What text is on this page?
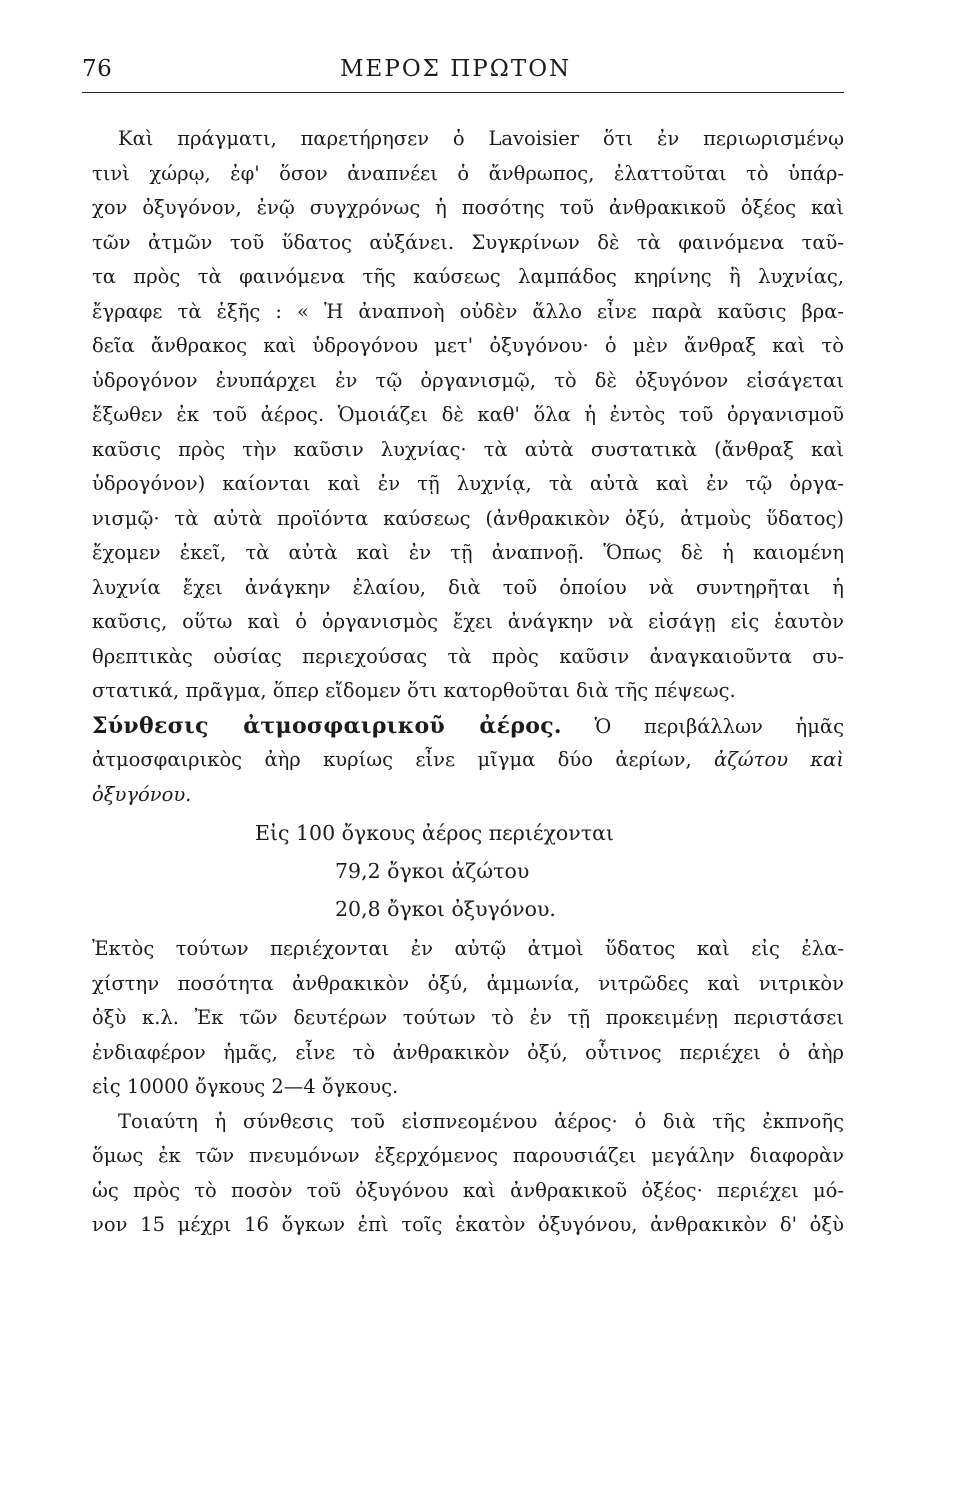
76	ΜΕΡΟΣ ΠΡΩΤΟΝ
Καὶ πράγματι, παρετήρησεν ὁ Lavoisier ὅτι ἐν περιωρισμένῳ
τινὶ χώρῳ, ἐφ' ὅσον ἀναπνέει ὁ ἄνθρωπος, ἐλαττοῦται τὸ ὑπάρ-
χον ὀξυγόνον, ἐνῷ συγχρόνως ἡ ποσότης τοῦ ἀνθρακικοῦ ὀξέος καὶ
τῶν ἀτμῶν τοῦ ὕδατος αὐξάνει. Συγκρίνων δὲ τὰ φαινόμενα ταῦ-
τα πρὸς τὰ φαινόμενα τῆς καύσεως λαμπάδος κηρίνης ἢ λυχνίας,
ἔγραφε τὰ ἑξῆς : « Ἡ ἀναπνοὴ οὐδὲν ἄλλο εἶνε παρὰ καῦσις βρα-
δεῖα ἄνθρακος καὶ ὑδρογόνου μετ' ὀξυγόνου· ὁ μὲν ἄνθραξ καὶ τὸ
ὑδρογόνον ἐνυπάρχει ἐν τῷ ὀργανισμῷ, τὸ δὲ ὀξυγόνον εἰσάγεται
ἔξωθεν ἐκ τοῦ ἀέρος. Ὁμοιάζει δὲ καθ' ὅλα ἡ ἐντὸς τοῦ ὀργανισμοῦ
καῦσις πρὸς τὴν καῦσιν λυχνίας· τὰ αὐτὰ συστατικὰ (ἄνθραξ καὶ
ὑδρογόνον) καίονται καὶ ἐν τῇ λυχνίᾳ, τὰ αὐτὰ καὶ ἐν τῷ ὀργα-
νισμῷ· τὰ αὐτὰ προϊόντα καύσεως (ἀνθρακικὸν ὀξύ, ἀτμοὺς ὕδατος)
ἔχομεν ἐκεῖ, τὰ αὐτὰ καὶ ἐν τῇ ἀναπνοῇ. Ὅπως δὲ ἡ καιομένη
λυχνία ἔχει ἀνάγκην ἐλαίου, διὰ τοῦ ὁποίου νὰ συντηρῆται ἡ
καῦσις, οὕτω καὶ ὁ ὀργανισμὸς ἔχει ἀνάγκην νὰ εἰσάγῃ εἰς ἑαυτὸν
θρεπτικὰς οὐσίας περιεχούσας τὰ πρὸς καῦσιν ἀναγκαιοῦντα συ-
στατικά, πρᾶγμα, ὅπερ εἴδομεν ὅτι κατορθοῦται διὰ τῆς πέψεως.
Σύνθεσις ἀτμοσφαιρικοῦ ἀέρος. Ὁ περιβάλλων ἡμᾶς
ἀτμοσφαιρικὸς ἀὴρ κυρίως εἶνε μῖγμα δύο ἀερίων, ἀζώτου καὶ
ὀξυγόνου.
Εἰς 100 ὄγκους ἀέρος περιέχονται
79,2 ὄγκοι ἀζώτου
20,8 ὄγκοι ὀξυγόνου.
Ἐκτὸς τούτων περιέχονται ἐν αὐτῷ ἀτμοὶ ὕδατος καὶ εἰς ἐλα-
χίστην ποσότητα ἀνθρακικὸν ὀξύ, ἀμμωνία, νιτρῶδες καὶ νιτρικὸν
ὀξὺ κ.λ. Ἐκ τῶν δευτέρων τούτων τὸ ἐν τῇ προκειμένῃ περιστάσει
ἐνδιαφέρον ἡμᾶς, εἶνε τὸ ἀνθρακικὸν ὀξύ, οὗτινος περιέχει ὁ ἀὴρ
εἰς 10000 ὄγκους 2—4 ὄγκους.
Τοιαύτη ἡ σύνθεσις τοῦ εἰσπνεομένου ἀέρος· ὁ διὰ τῆς ἐκπνοῆς
ὅμως ἐκ τῶν πνευμόνων ἐξερχόμενος παρουσιάζει μεγάλην διαφορὰν
ὡς πρὸς τὸ ποσὸν τοῦ ὀξυγόνου καὶ ἀνθρακικοῦ ὀξέος· περιέχει μό-
νον 15 μέχρι 16 ὄγκων ἐπὶ τοῖς ἑκατὸν ὀξυγόνου, ἀνθρακικὸν δ' ὀξὺ
